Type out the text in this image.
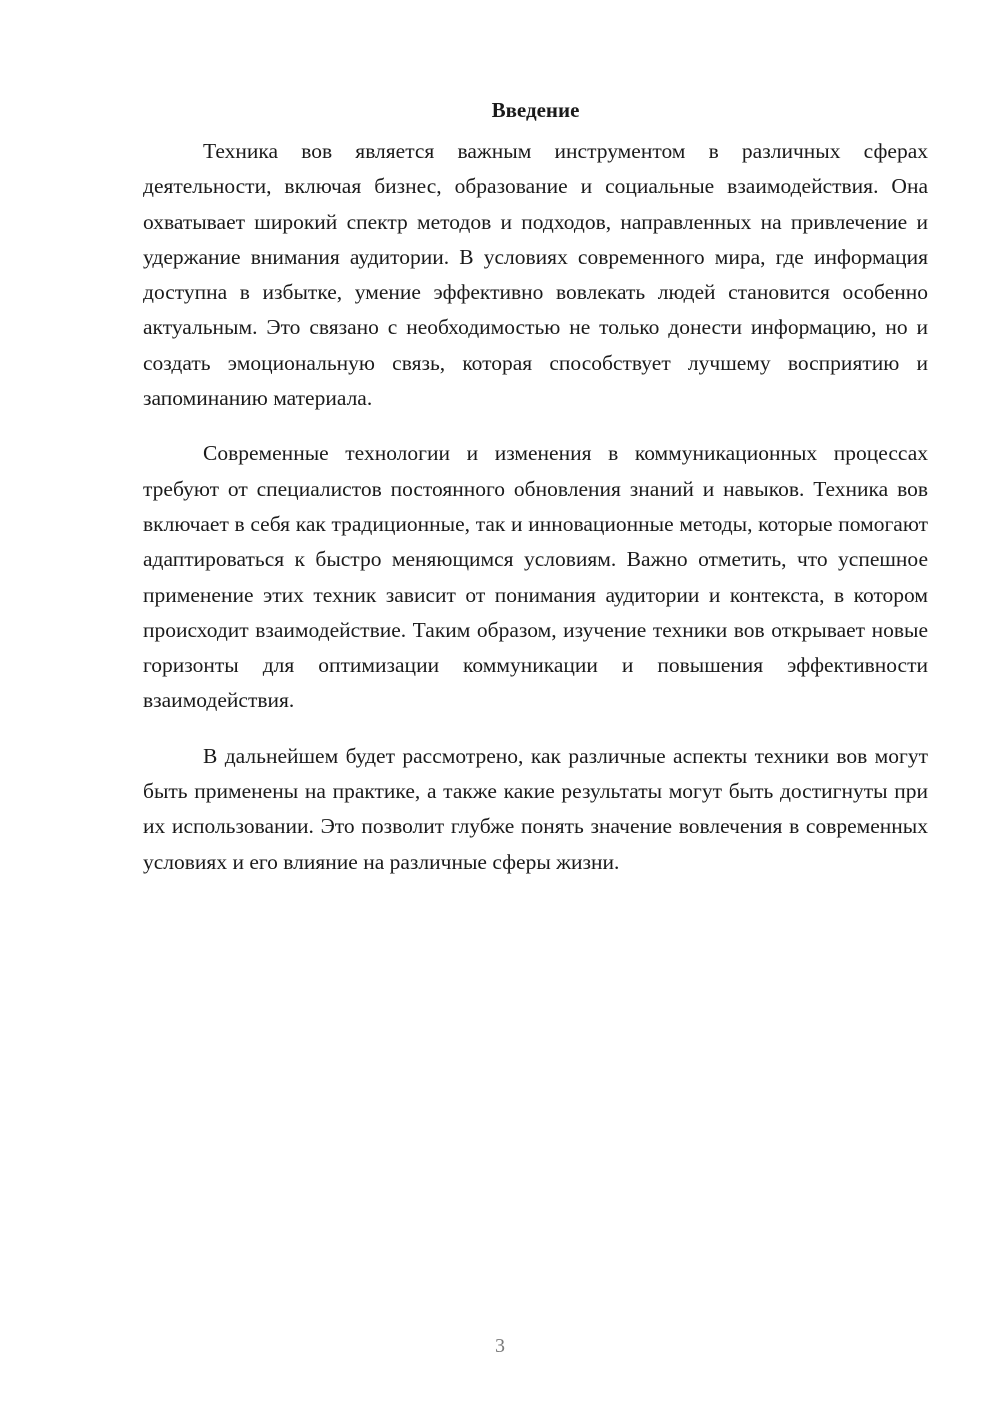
Введение

Техника вов является важным инструментом в различных сферах деятельности, включая бизнес, образование и социальные взаимодействия. Она охватывает широкий спектр методов и подходов, направленных на привлечение и удержание внимания аудитории. В условиях современного мира, где информация доступна в избытке, умение эффективно вовлекать людей становится особенно актуальным. Это связано с необходимостью не только донести информацию, но и создать эмоциональную связь, которая способствует лучшему восприятию и запоминанию материала.

Современные технологии и изменения в коммуникационных процессах требуют от специалистов постоянного обновления знаний и навыков. Техника вов включает в себя как традиционные, так и инновационные методы, которые помогают адаптироваться к быстро меняющимся условиям. Важно отметить, что успешное применение этих техник зависит от понимания аудитории и контекста, в котором происходит взаимодействие. Таким образом, изучение техники вов открывает новые горизонты для оптимизации коммуникации и повышения эффективности взаимодействия.

В дальнейшем будет рассмотрено, как различные аспекты техники вов могут быть применены на практике, а также какие результаты могут быть достигнуты при их использовании. Это позволит глубже понять значение вовлечения в современных условиях и его влияние на различные сферы жизни.

3
